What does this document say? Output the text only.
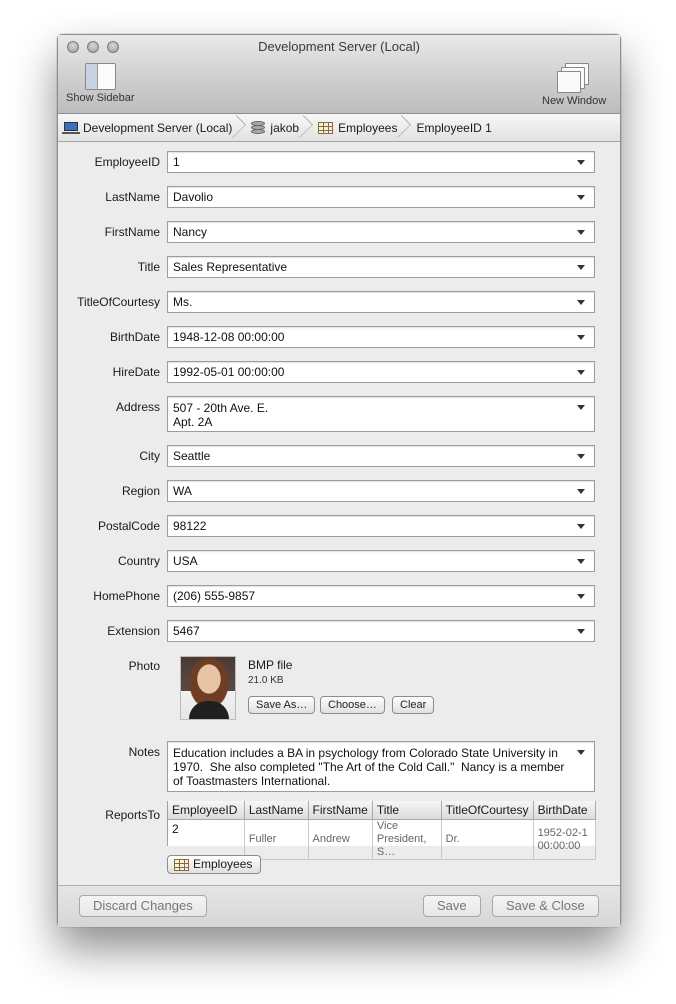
Development Server (Local)
Show Sidebar	New Window
Development Server (Local)	jakob	Employees EmployeeID 1
EmployeeID	1
LastName	Davolio
FirstName	Nancy
Title	Sales Representative
TitleOfCourtesy	Ms.
BirthDate	1948-12-08 00:00:00
HireDate	1992-05-01 00:00:00
Address	507 - 20th Ave. E.
Apt. 2A
City	Seattle
Region	WA
PostalCode	98122
Country	USA
HomePhone	(206) 555-9857
Extension	5467
Photo	BMP file
21.0 KB
Save As…	Choose…	Clear
Notes	Education includes a BA in psychology from Colorado State University in 1970.  She also completed "The Art of the Cold Call."  Nancy is a member of Toastmasters International.
ReportsTo EmployeeID	LastName	FirstName	Title	TitleOfCourtesy	BirthDate
2	Fuller	Andrew	Vice President, S…	Dr.	1952-02-1
00:00:00
Employees
Discard Changes	Save	Save & Close
